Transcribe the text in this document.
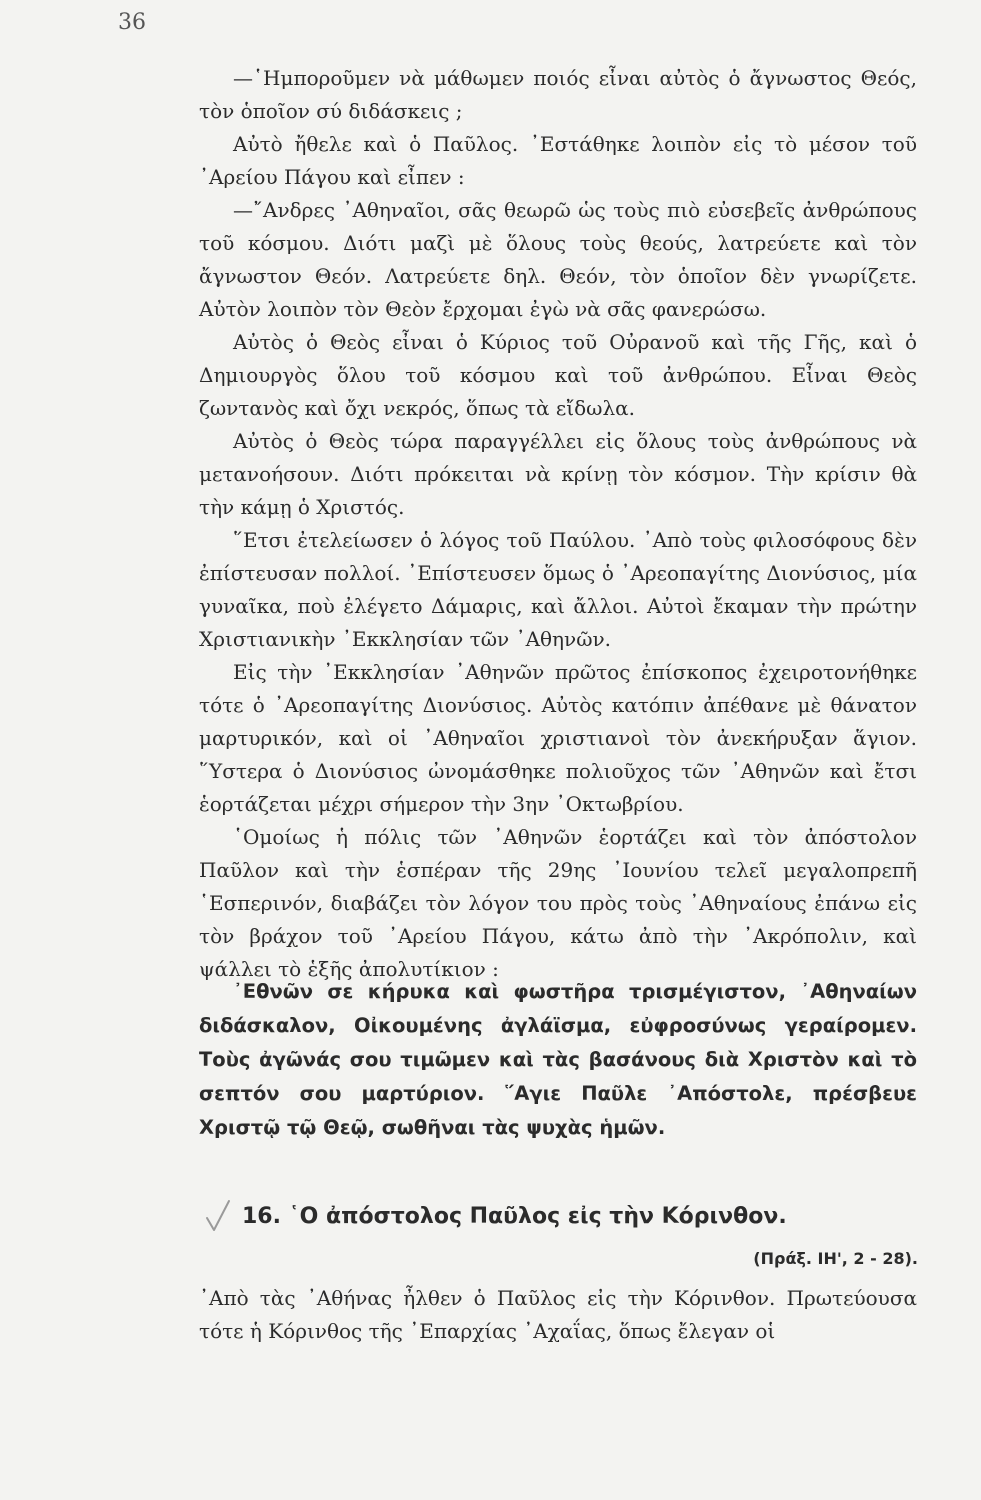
36

—῾Ημποροῦμεν νὰ μάθωμεν ποιός εἶναι αὐτὸς ὁ ἄγνωστος Θεός, τὸν ὁποῖον σύ διδάσκεις ;

Αὐτὸ ἤθελε καὶ ὁ Παῦλος. ᾿Εστάθηκε λοιπὸν εἰς τὸ μέσον τοῦ ᾿Αρείου Πάγου καὶ εἶπεν :

—῎Ανδρες ᾿Αθηναῖοι, σᾶς θεωρῶ ὡς τοὺς πιὸ εὐσεβεῖς ἀνθρώπους τοῦ κόσμου. Διότι μαζὶ μὲ ὅλους τοὺς θεούς, λατρεύετε καὶ τὸν ἄγνωστον Θεόν. Λατρεύετε δηλ. Θεόν, τὸν ὁποῖον δὲν γνωρίζετε. Αὐτὸν λοιπὸν τὸν Θεὸν ἔρχομαι ἐγὼ νὰ σᾶς φανερώσω.

Αὐτὸς ὁ Θεὸς εἶναι ὁ Κύριος τοῦ Οὐρανοῦ καὶ τῆς Γῆς, καὶ ὁ Δημιουργὸς ὅλου τοῦ κόσμου καὶ τοῦ ἀνθρώπου. Εἶναι Θεὸς ζωντανὸς καὶ ὄχι νεκρός, ὅπως τὰ εἴδωλα.

Αὐτὸς ὁ Θεὸς τώρα παραγγέλλει εἰς ὅλους τοὺς ἀνθρώπους νὰ μετανοήσουν. Διότι πρόκειται νὰ κρίνῃ τὸν κόσμον. Τὴν κρίσιν θὰ τὴν κάμῃ ὁ Χριστός.

῞Ετσι ἐτελείωσεν ὁ λόγος τοῦ Παύλου. ᾿Απὸ τοὺς φιλοσόφους δὲν ἐπίστευσαν πολλοί. ᾿Επίστευσεν ὅμως ὁ ᾿Αρεοπαγίτης Διονύσιος, μία γυναῖκα, ποὺ ἐλέγετο Δάμαρις, καὶ ἄλλοι. Αὐτοὶ ἔκαμαν τὴν πρώτην Χριστιανικὴν ᾿Εκκλησίαν τῶν ᾿Αθηνῶν.

Εἰς τὴν ᾿Εκκλησίαν ᾿Αθηνῶν πρῶτος ἐπίσκοπος ἐχειροτονήθηκε τότε ὁ ᾿Αρεοπαγίτης Διονύσιος. Αὐτὸς κατόπιν ἀπέθανε μὲ θάνατον μαρτυρικόν, καὶ οἱ ᾿Αθηναῖοι χριστιανοὶ τὸν ἀνεκήρυξαν ἅγιον. ῞Υστερα ὁ Διονύσιος ὠνομάσθηκε πολιοῦχος τῶν ᾿Αθηνῶν καὶ ἔτσι ἑορτάζεται μέχρι σήμερον τὴν 3ην ᾿Οκτωβρίου.

῾Ομοίως ἡ πόλις τῶν ᾿Αθηνῶν ἑορτάζει καὶ τὸν ἀπόστολον Παῦλον καὶ τὴν ἑσπέραν τῆς 29ης ᾿Ιουνίου τελεῖ μεγαλοπρεπῆ ῾Εσπερινόν, διαβάζει τὸν λόγον του πρὸς τοὺς ᾿Αθηναίους ἐπάνω εἰς τὸν βράχον τοῦ ᾿Αρείου Πάγου, κάτω ἀπὸ τὴν ᾿Ακρόπολιν, καὶ ψάλλει τὸ ἑξῆς ἀπολυτίκιον :

᾿Εθνῶν σε κήρυκα καὶ φωστῆρα τρισμέγιστον, ᾿Αθηναίων διδάσκαλον, Οἰκουμένης ἀγλάϊσμα, εὐφροσύνως γεραίρομεν. Τοὺς ἀγῶνάς σου τιμῶμεν καὶ τὰς βασάνους διὰ Χριστὸν καὶ τὸ σεπτόν σου μαρτύριον. ῞Αγιε Παῦλε ᾿Απόστολε, πρέσβευε Χριστῷ τῷ Θεῷ, σωθῆναι τὰς ψυχὰς ἡμῶν.

16. ῾Ο ἀπόστολος Παῦλος εἰς τὴν Κόρινθον.
(Πράξ. ΙΗ', 2 - 28).

᾿Απὸ τὰς ᾿Αθήνας ἦλθεν ὁ Παῦλος εἰς τὴν Κόρινθον. Πρωτεύουσα τότε ἡ Κόρινθος τῆς ᾿Επαρχίας ᾿Αχαΐας, ὅπως ἔλεγαν οἱ
